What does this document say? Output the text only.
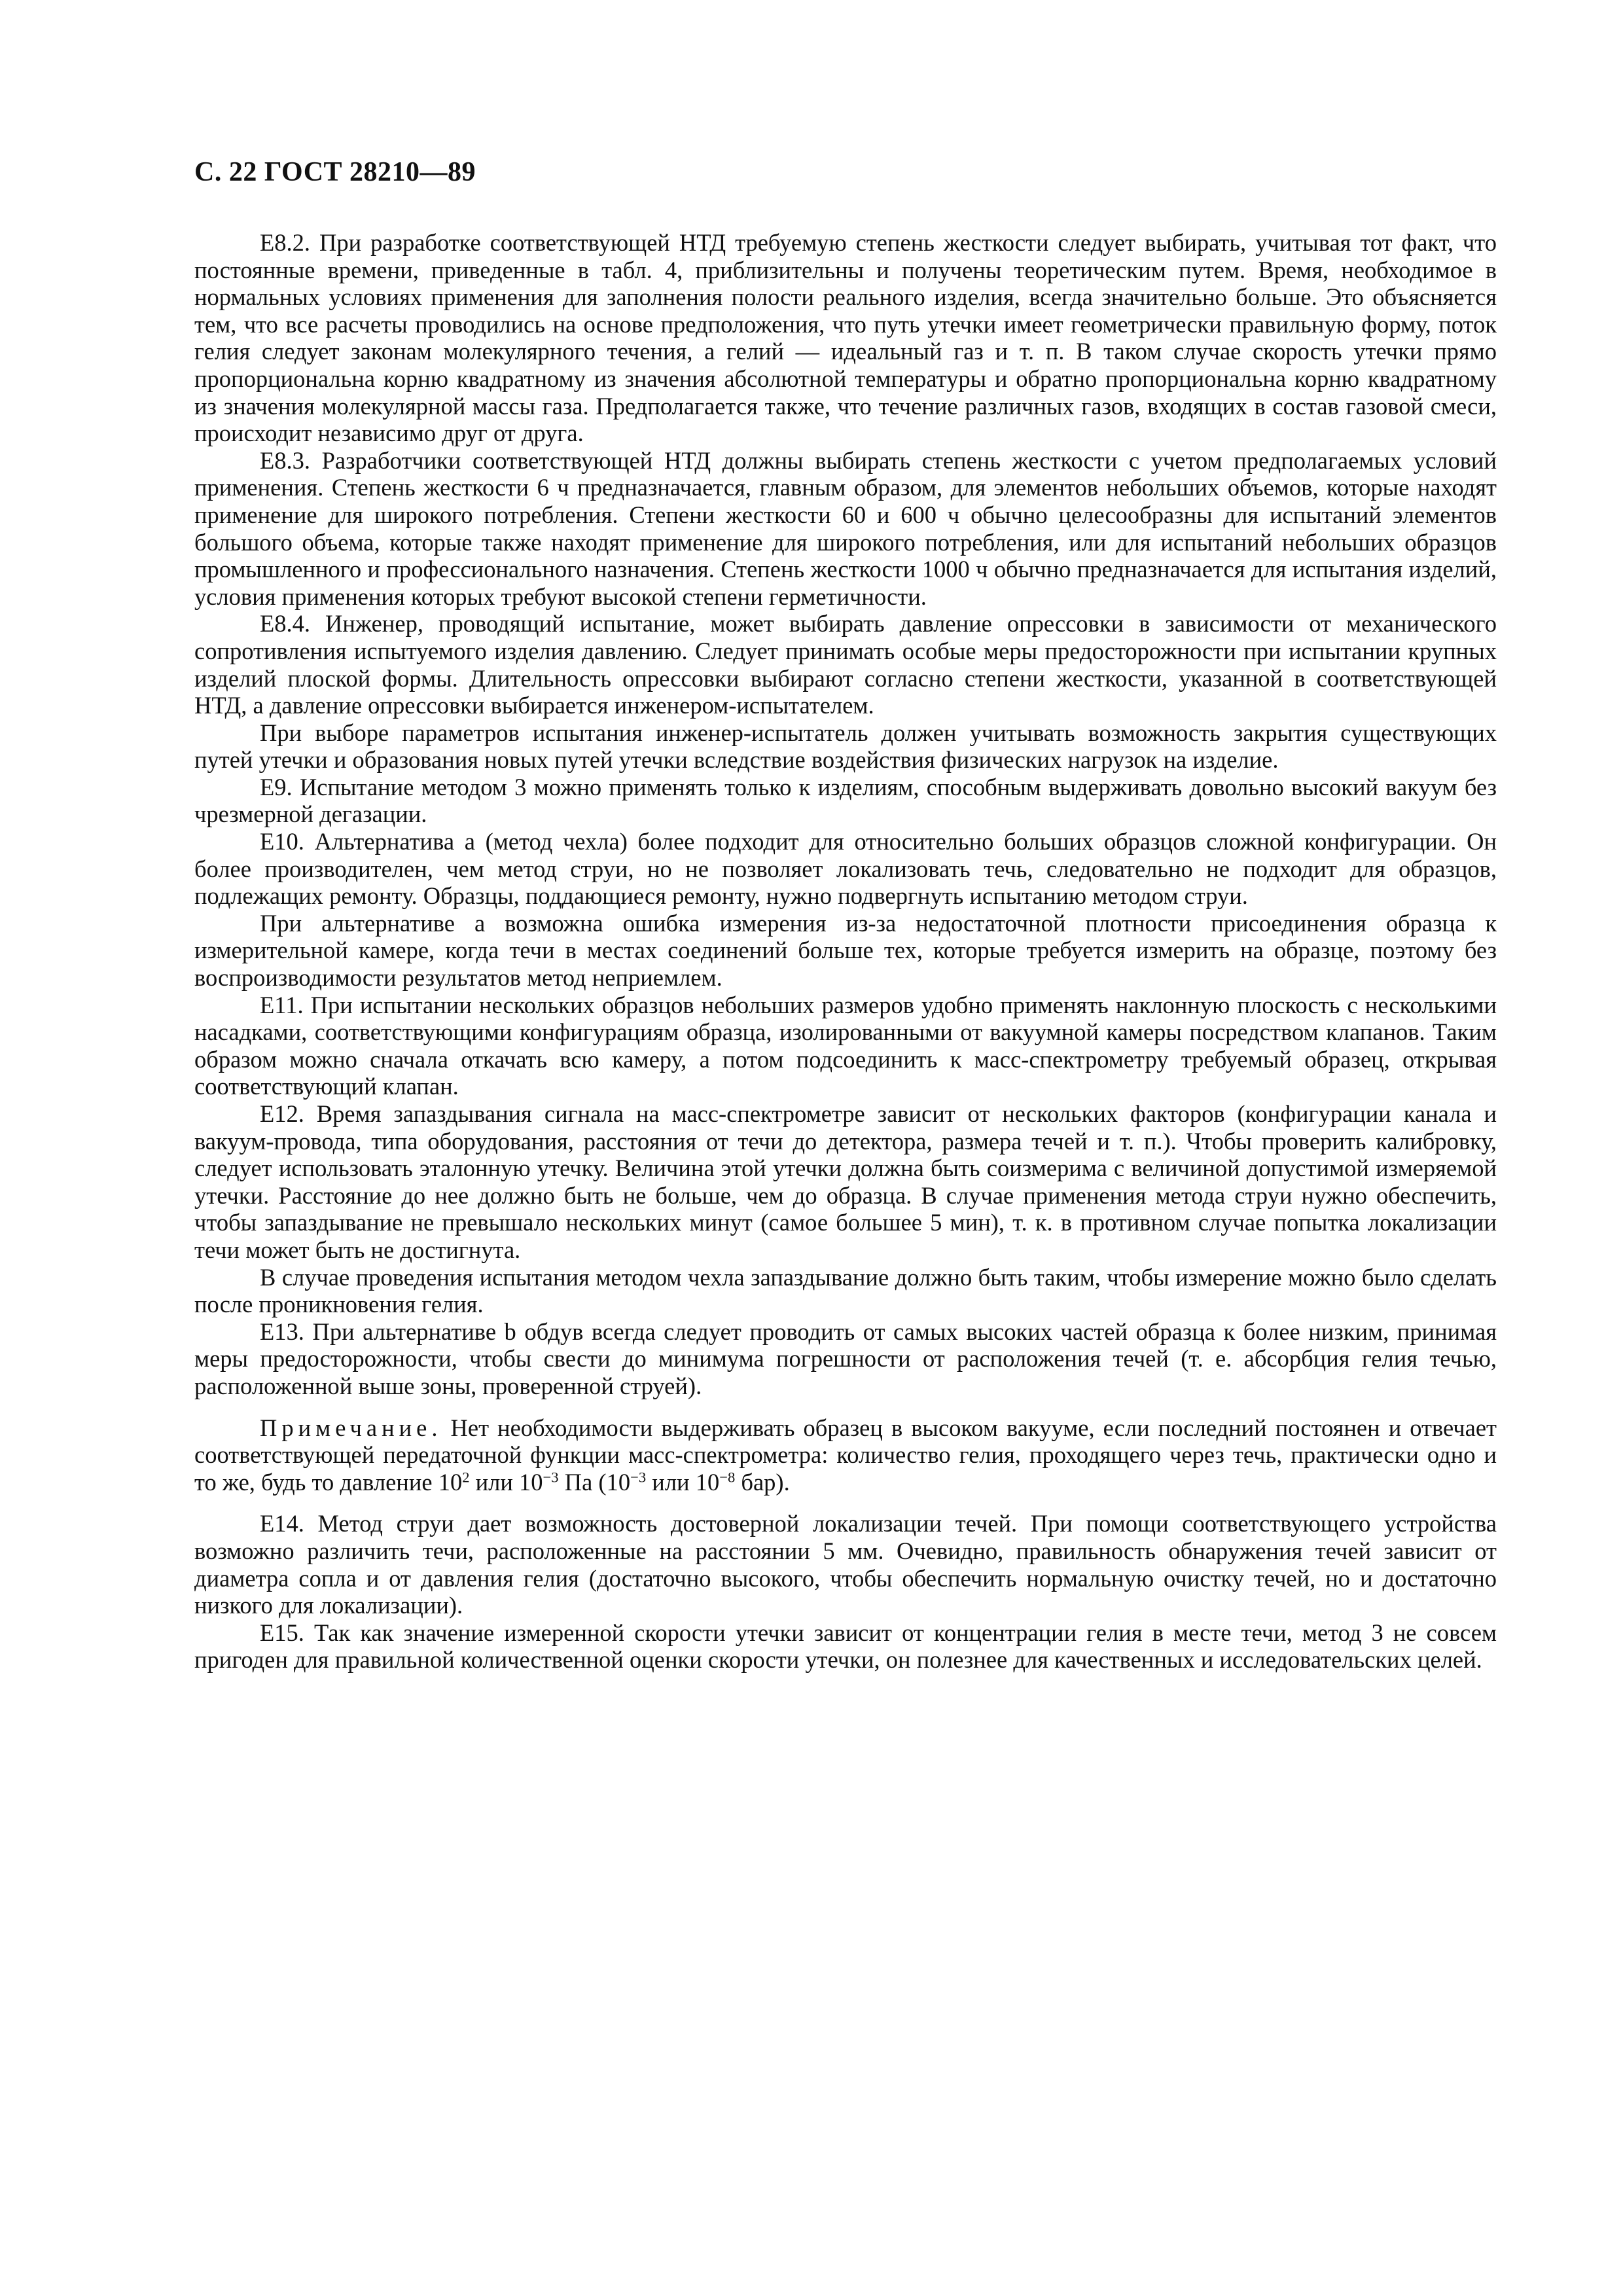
С. 22 ГОСТ 28210—89

Е8.2. При разработке соответствующей НТД требуемую степень жесткости следует выбирать, учитывая тот факт, что постоянные времени, приведенные в табл. 4, приблизительны и получены теоретическим путем. Время, необходимое в нормальных условиях применения для заполнения полости реального изделия, всегда значительно больше. Это объясняется тем, что все расчеты проводились на основе предположения, что путь утечки имеет геометрически правильную форму, поток гелия следует законам молекулярного течения, а гелий — идеальный газ и т. п. В таком случае скорость утечки прямо пропорциональна корню квадратному из значения абсолютной температуры и обратно пропорциональна корню квадратному из значения молекулярной массы газа. Предполагается также, что течение различных газов, входящих в состав газовой смеси, происходит независимо друг от друга.

Е8.3. Разработчики соответствующей НТД должны выбирать степень жесткости с учетом предполагаемых условий применения. Степень жесткости 6 ч предназначается, главным образом, для элементов небольших объемов, которые находят применение для широкого потребления. Степени жесткости 60 и 600 ч обычно целесообразны для испытаний элементов большого объема, которые также находят применение для широкого потребления, или для испытаний небольших образцов промышленного и профессионального назначения. Степень жесткости 1000 ч обычно предназначается для испытания изделий, условия применения которых требуют высокой степени герметичности.

Е8.4. Инженер, проводящий испытание, может выбирать давление опрессовки в зависимости от механического сопротивления испытуемого изделия давлению. Следует принимать особые меры предосторожности при испытании крупных изделий плоской формы. Длительность опрессовки выбирают согласно степени жесткости, указанной в соответствующей НТД, а давление опрессовки выбирается инженером-испытателем.

При выборе параметров испытания инженер-испытатель должен учитывать возможность закрытия существующих путей утечки и образования новых путей утечки вследствие воздействия физических нагрузок на изделие.

Е9. Испытание методом 3 можно применять только к изделиям, способным выдерживать довольно высокий вакуум без чрезмерной дегазации.

Е10. Альтернатива а (метод чехла) более подходит для относительно больших образцов сложной конфигурации. Он более производителен, чем метод струи, но не позволяет локализовать течь, следовательно не подходит для образцов, подлежащих ремонту. Образцы, поддающиеся ремонту, нужно подвергнуть испытанию методом струи.

При альтернативе а возможна ошибка измерения из-за недостаточной плотности присоединения образца к измерительной камере, когда течи в местах соединений больше тех, которые требуется измерить на образце, поэтому без воспроизводимости результатов метод неприемлем.

Е11. При испытании нескольких образцов небольших размеров удобно применять наклонную плоскость с несколькими насадками, соответствующими конфигурациям образца, изолированными от вакуумной камеры посредством клапанов. Таким образом можно сначала откачать всю камеру, а потом подсоединить к масс-спектрометру требуемый образец, открывая соответствующий клапан.

Е12. Время запаздывания сигнала на масс-спектрометре зависит от нескольких факторов (конфигурации канала и вакуум-провода, типа оборудования, расстояния от течи до детектора, размера течей и т. п.). Чтобы проверить калибровку, следует использовать эталонную утечку. Величина этой утечки должна быть соизмерима с величиной допустимой измеряемой утечки. Расстояние до нее должно быть не больше, чем до образца. В случае применения метода струи нужно обеспечить, чтобы запаздывание не превышало нескольких минут (самое большее 5 мин), т. к. в противном случае попытка локализации течи может быть не достигнута.

В случае проведения испытания методом чехла запаздывание должно быть таким, чтобы измерение можно было сделать после проникновения гелия.

Е13. При альтернативе b обдув всегда следует проводить от самых высоких частей образца к более низким, принимая меры предосторожности, чтобы свести до минимума погрешности от расположения течей (т. е. абсорбция гелия течью, расположенной выше зоны, проверенной струей).

Примечание. Нет необходимости выдерживать образец в высоком вакууме, если последний постоянен и отвечает соответствующей передаточной функции масс-спектрометра: количество гелия, проходящего через течь, практически одно и то же, будь то давление $10^2$ или $10^{-3}$ Па ($10^{-3}$ или $10^{-8}$ бар).

Е14. Метод струи дает возможность достоверной локализации течей. При помощи соответствующего устройства возможно различить течи, расположенные на расстоянии 5 мм. Очевидно, правильность обнаружения течей зависит от диаметра сопла и от давления гелия (достаточно высокого, чтобы обеспечить нормальную очистку течей, но и достаточно низкого для локализации).

Е15. Так как значение измеренной скорости утечки зависит от концентрации гелия в месте течи, метод 3 не совсем пригоден для правильной количественной оценки скорости утечки, он полезнее для качественных и исследовательских целей.
